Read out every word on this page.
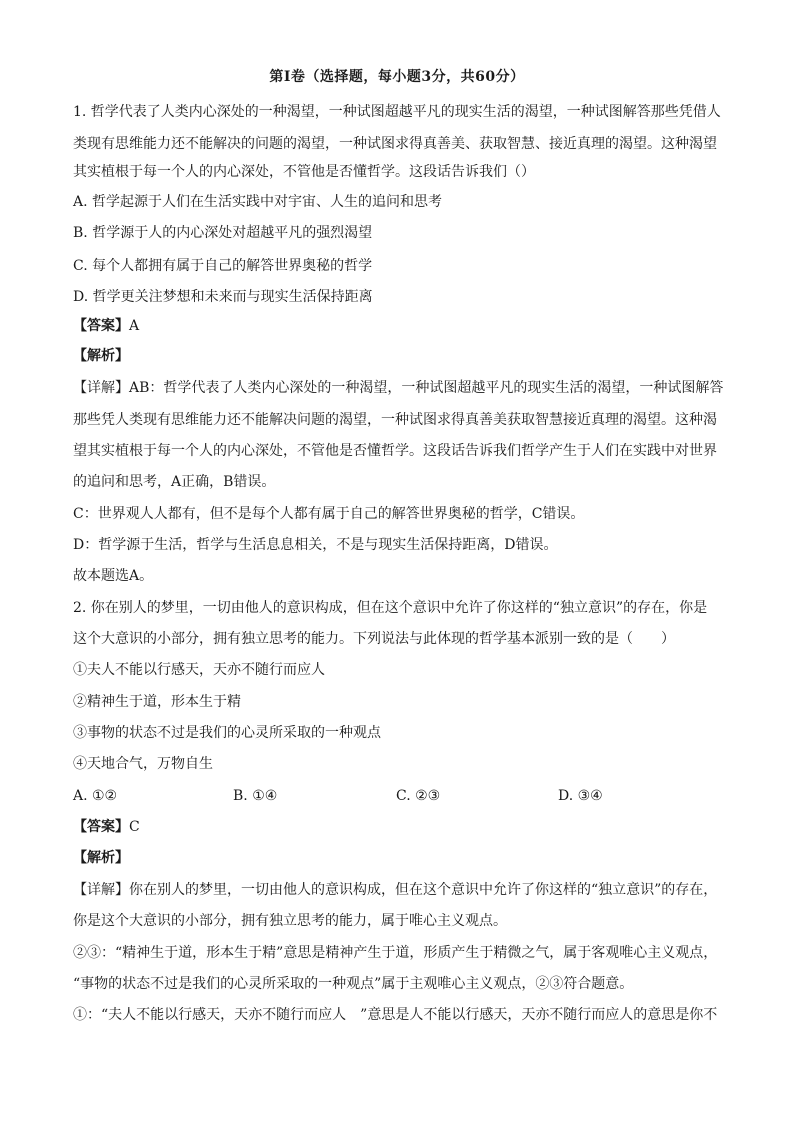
第Ⅰ卷（选择题，每小题3分，共60分）
1. 哲学代表了人类内心深处的一种渴望，一种试图超越平凡的现实生活的渴望，一种试图解答那些凭借人
类现有思维能力还不能解决的问题的渴望，一种试图求得真善美、获取智慧、接近真理的渴望。这种渴望
其实植根于每一个人的内心深处，不管他是否懂哲学。这段话告诉我们（）
A. 哲学起源于人们在生活实践中对宇宙、人生的追问和思考
B. 哲学源于人的内心深处对超越平凡的强烈渴望
C. 每个人都拥有属于自己的解答世界奥秘的哲学
D. 哲学更关注梦想和未来而与现实生活保持距离
【答案】A
【解析】
【详解】AB：哲学代表了人类内心深处的一种渴望，一种试图超越平凡的现实生活的渴望，一种试图解答
那些凭人类现有思维能力还不能解决问题的渴望，一种试图求得真善美获取智慧接近真理的渴望。这种渴
望其实植根于每一个人的内心深处，不管他是否懂哲学。这段话告诉我们哲学产生于人们在实践中对世界
的追问和思考，A正确，B错误。
C：世界观人人都有，但不是每个人都有属于自己的解答世界奥秘的哲学，C错误。
D：哲学源于生活，哲学与生活息息相关，不是与现实生活保持距离，D错误。
故本题选A。
2. 你在别人的梦里，一切由他人的意识构成，但在这个意识中允许了你这样的“独立意识”的存在，你是
这个大意识的小部分，拥有独立思考的能力。下列说法与此体现的哲学基本派别一致的是（　　）
①夫人不能以行感天，天亦不随行而应人
②精神生于道，形本生于精
③事物的状态不过是我们的心灵所采取的一种观点
④天地合气，万物自生
A. ①②	B. ①④	C. ②③	D. ③④
【答案】C
【解析】
【详解】你在别人的梦里，一切由他人的意识构成，但在这个意识中允许了你这样的“独立意识”的存在，
你是这个大意识的小部分，拥有独立思考的能力，属于唯心主义观点。
②③：“精神生于道，形本生于精”意思是精神产生于道，形质产生于精微之气，属于客观唯心主义观点，
“事物的状态不过是我们的心灵所采取的一种观点”属于主观唯心主义观点，②③符合题意。
①：“夫人不能以行感天，天亦不随行而应人　”意思是人不能以行感天，天亦不随行而应人的意思是你不
